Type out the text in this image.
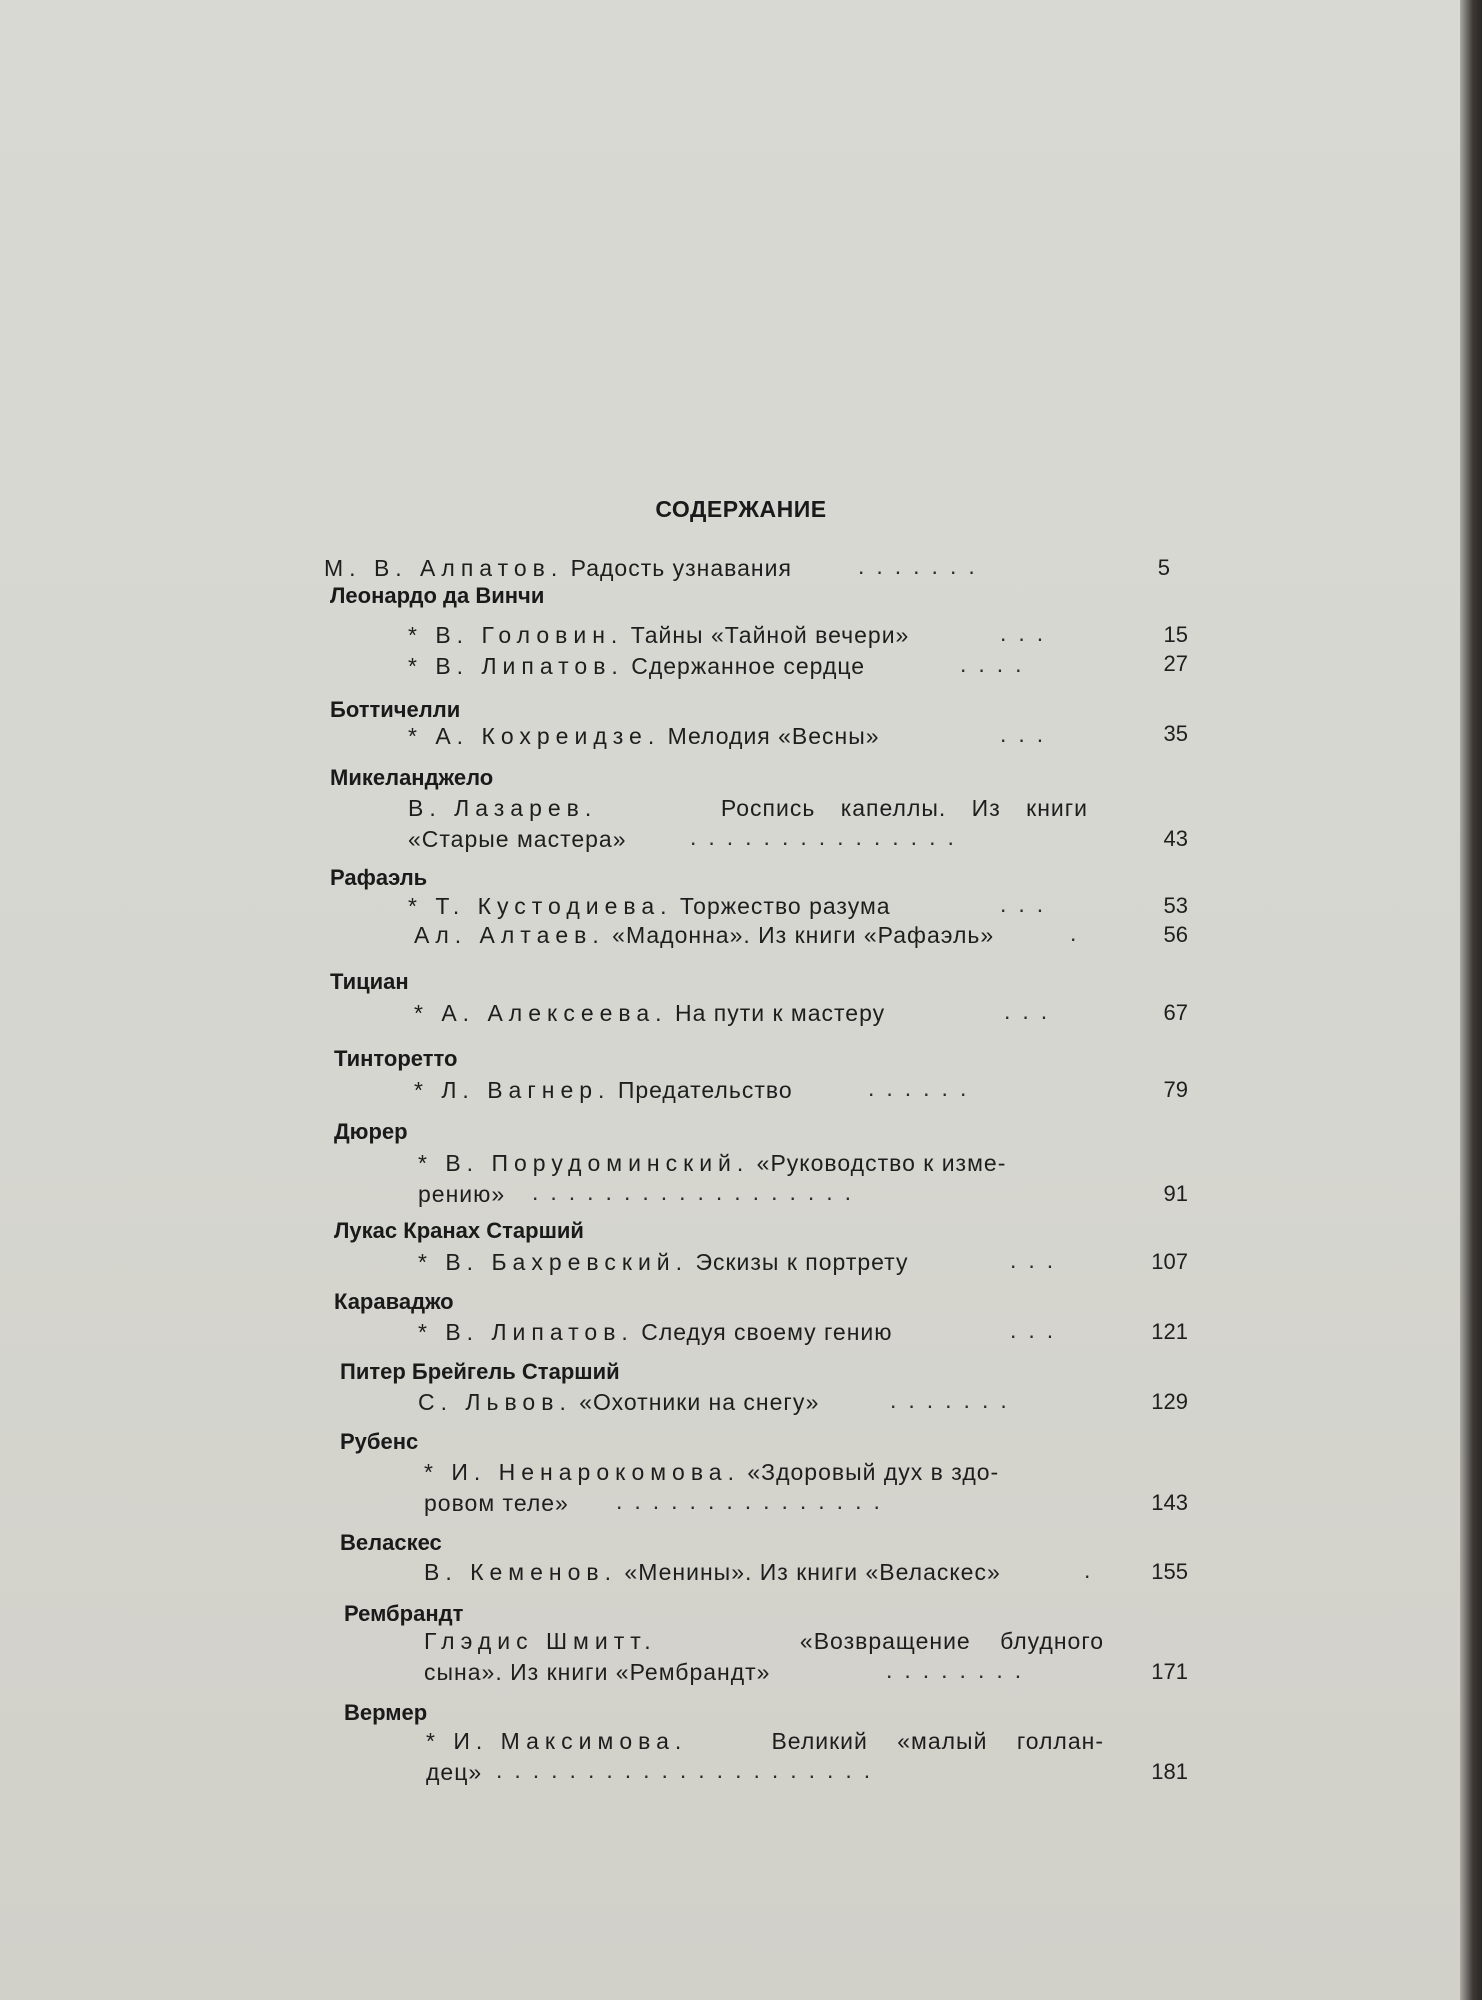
СОДЕРЖАНИЕ
М. В. Алпатов. Радость узнавания	.......	5
Леонардо да Винчи
* В. Головин. Тайны «Тайной вечери»	...	15
* В. Липатов. Сдержанное сердце	....	27
Боттичелли
* А. Кохреидзе. Мелодия «Весны»	...	35
Микеланджело
В. Лазарев.	Роспись капеллы. Из книги
«Старые мастера»	...............	43
Рафаэль
* Т. Кустодиева. Торжество разума	...	53
Ал. Алтаев. «Мадонна». Из книги «Рафаэль»	.	56
Тициан
* А. Алексеева. На пути к мастеру	...	67
Тинторетто
* Л. Вагнер. Предательство	......	79
Дюрер
* В. Порудоминский. «Руководство к изме-
рению» ..................	91
Лукас Кранах Старший
* В. Бахревский. Эскизы к портрету	...	107
Караваджо
* В. Липатов. Следуя своему гению	...	121
Питер Брейгель Старший
С. Львов. «Охотники на снегу»	.......	129
Рубенс
* И. Ненарокомова. «Здоровый дух в здо-
ровом теле» ...............	143
Веласкес
В. Кеменов. «Менины». Из книги «Веласкес»	.	155
Рембрандт
Глэдис Шмитт.	«Возвращение блудного
сына». Из книги «Рембрандт»	........	171
Вермер
* И. Максимова.	Великий «малый голлан-
дец» .....................	181
